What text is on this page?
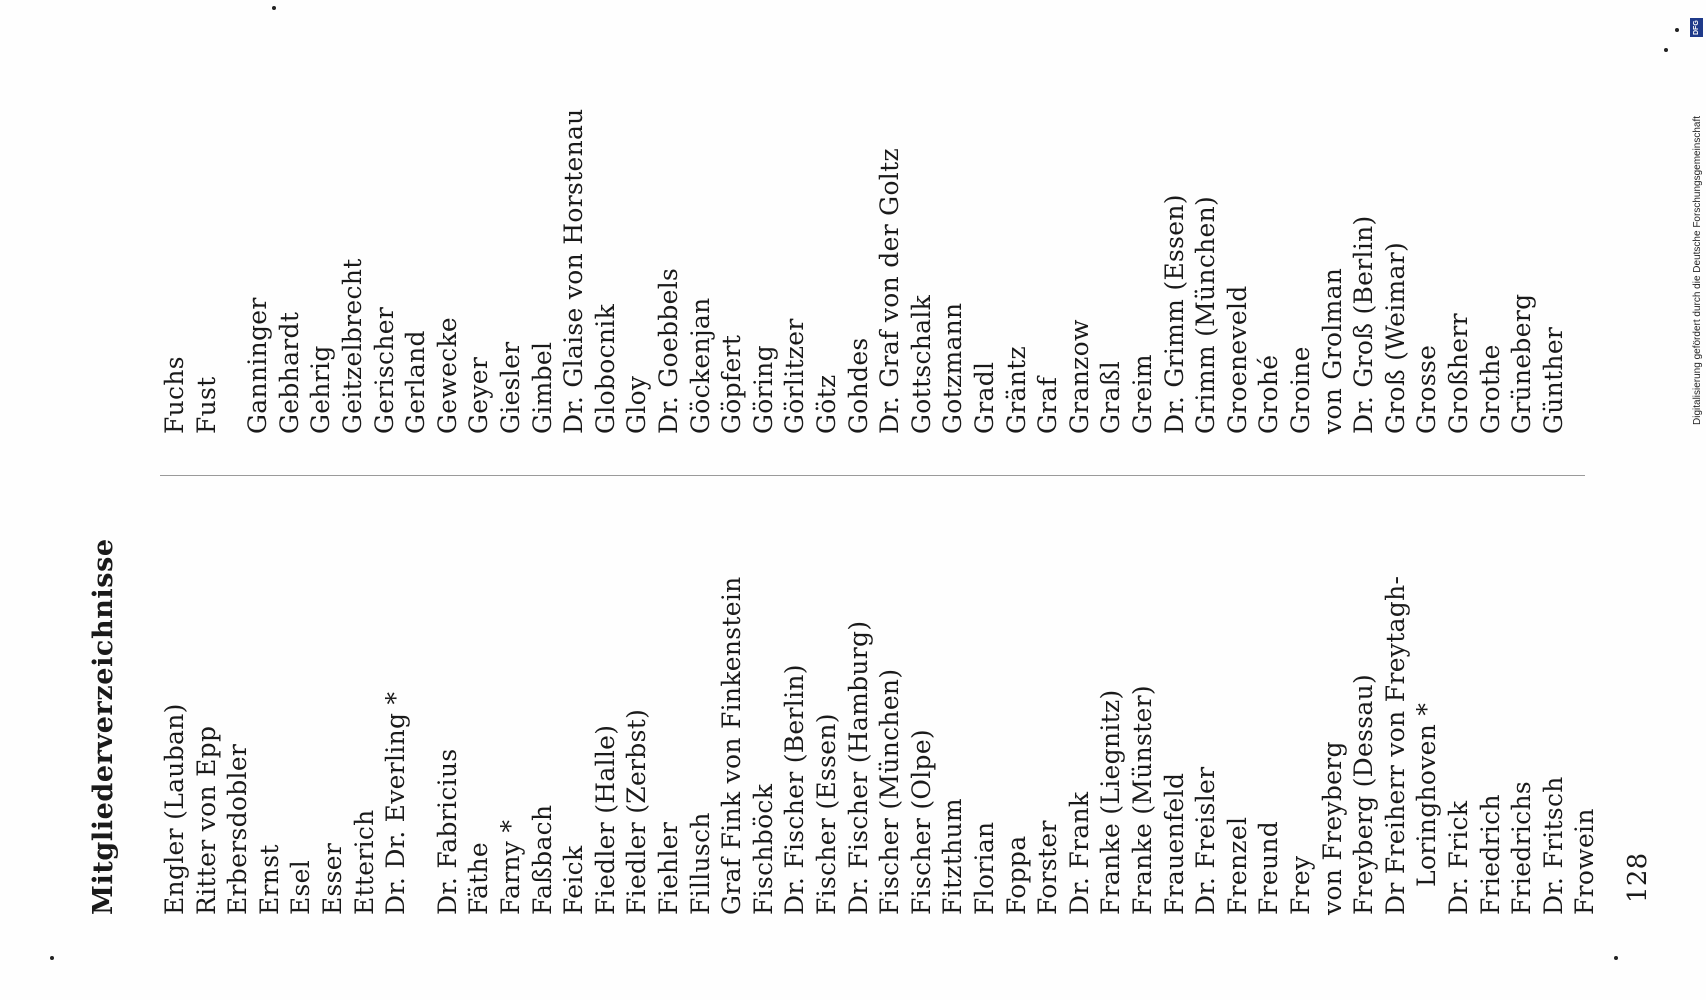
Mitgliederverzeichnisse Engler (Lauban) Ritter von Epp Erbersdobler Ernst Esel Esser Etterich Dr. Dr. Everling * Dr. Fabricius Fäthe Farny * Faßbach Feick Fiedler (Halle) Fiedler (Zerbst) Fiehler Fillusch Graf Fink von Finkenstein Fischböck Dr. Fischer (Berlin) Fischer (Essen) Dr. Fischer (Hamburg) Fischer (München) Fischer (Olpe) Fitzthum Florian Foppa Forster Dr. Frank Franke (Liegnitz) Franke (Münster) Frauenfeld Dr. Freisler Frenzel Freund Frey von Freyberg Freyberg (Dessau) Dr Freiherr von Freytagh- Loringhoven * Dr. Frick Friedrich Friedrichs Dr. Fritsch Frowein
Fuchs Fust Ganninger Gebhardt Gehrig Geitzelbrecht Gerischer Gerland Gewecke Geyer Giesler Gimbel Dr. Glaise von Horstenau Globocnik Gloy Dr. Goebbels Göckenjan Göpfert Göring Görlitzer Götz Gohdes Dr. Graf von der Goltz Gottschalk Gotzmann Gradl Gräntz Graf Granzow Graßl Greim Dr. Grimm (Essen) Grimm (München) Groeneveld Grohé Groine von Grolman Dr. Groß (Berlin) Groß (Weimar) Grosse Großherr Grothe Grüneberg Günther
128
DFG
Digitalisierung gefördert durch die Deutsche Forschungsgemeinschaft
